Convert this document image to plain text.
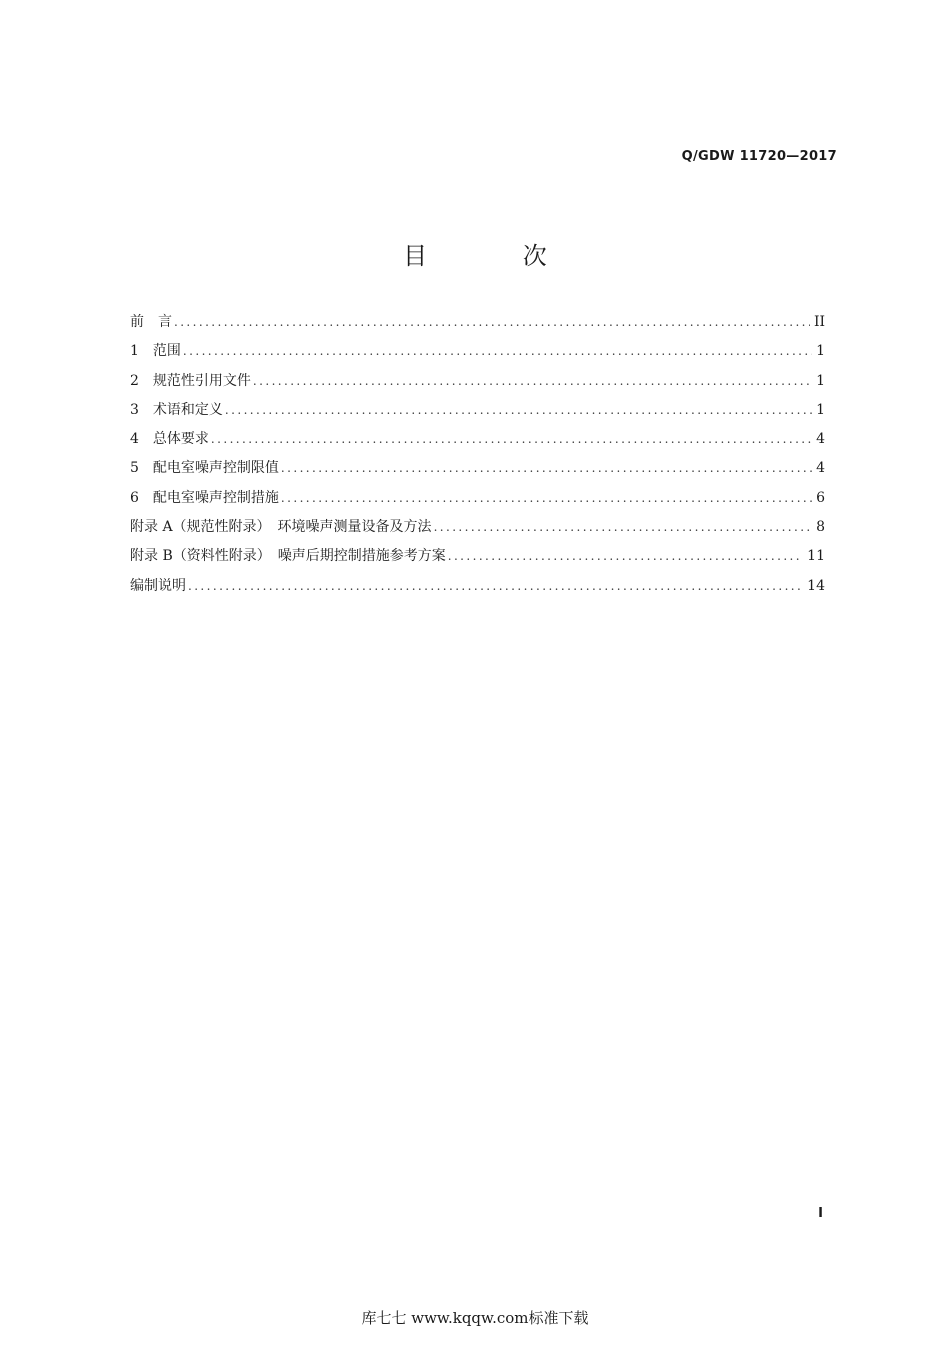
Q/GDW 11720—2017
目 次
前　言 .....	II
1　范围 .....	1
2　规范性引用文件 .....	1
3　术语和定义 .....	1
4　总体要求 .....	4
5　配电室噪声控制限值 .....	4
6　配电室噪声控制措施 .....	6
附录 A（规范性附录）　环境噪声测量设备及方法 .....	8
附录 B（资料性附录）　噪声后期控制措施参考方案 .....	11
编制说明 .....	14
I
库七七 www.kqqw.com标准下载
